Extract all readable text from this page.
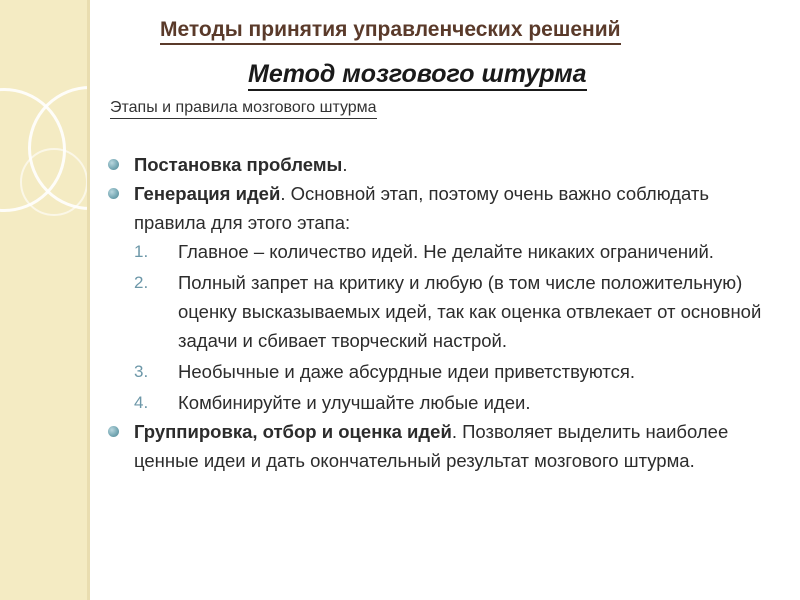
Методы принятия управленческих решений
Метод мозгового штурма
Этапы и правила мозгового штурма
Постановка проблемы.
Генерация идей. Основной этап, поэтому очень важно соблюдать правила для этого этапа:
1. Главное – количество идей. Не делайте никаких ограничений.
2. Полный запрет на критику и любую (в том числе положительную) оценку высказываемых идей, так как оценка отвлекает от основной задачи и сбивает творческий настрой.
3. Необычные и даже абсурдные идеи приветствуются.
4. Комбинируйте и улучшайте любые идеи.
Группировка, отбор и оценка идей. Позволяет выделить наиболее ценные идеи и дать окончательный результат мозгового штурма.
